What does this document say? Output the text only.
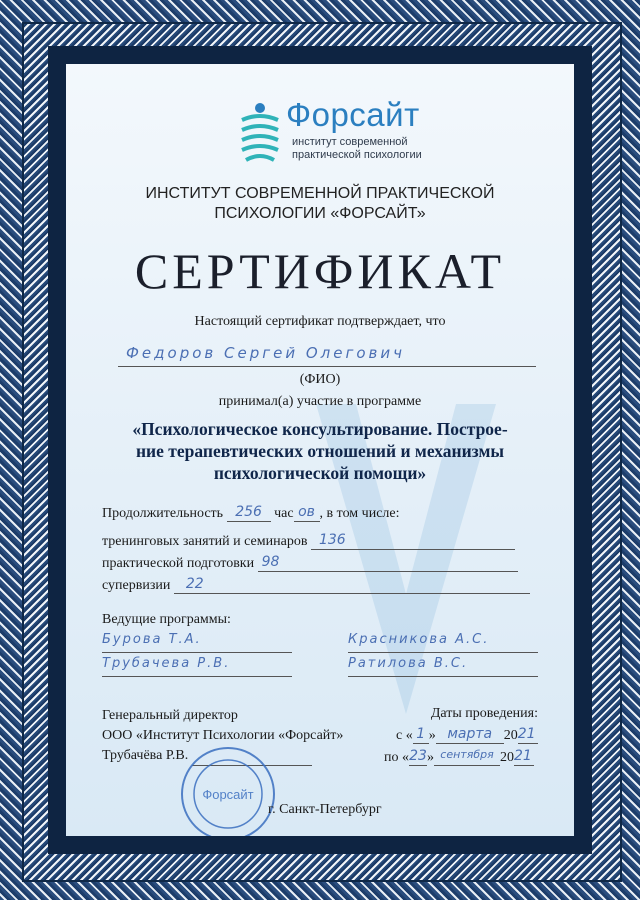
Форсайт
институт современной
практической психологии
ИНСТИТУТ СОВРЕМЕННОЙ ПРАКТИЧЕСКОЙ
ПСИХОЛОГИИ «ФОРСАЙТ»
СЕРТИФИКАТ
Настоящий сертификат подтверждает, что
Федоров Сергей Олегович
(ФИО)
принимал(а) участие в программе
«Психологическое консультирование. Построе-
ние терапевтических отношений и механизмы
психологической помощи»
Продолжительность 256 час ов , в том числе:
тренинговых занятий и семинаров 136
практической подготовки 98
супервизии 22
Ведущие программы:
Бурова Т.А.	Красникова А.С.
Трубачева Р.В.	Ратилова В.С.
Генеральный директор
ООО «Институт Психологии «Форсайт»
Трубачёва Р.В.
Даты проведения:
с « 1 » марта 2021
по «23» сентября 2021
Форсайт
г. Санкт-Петербург
